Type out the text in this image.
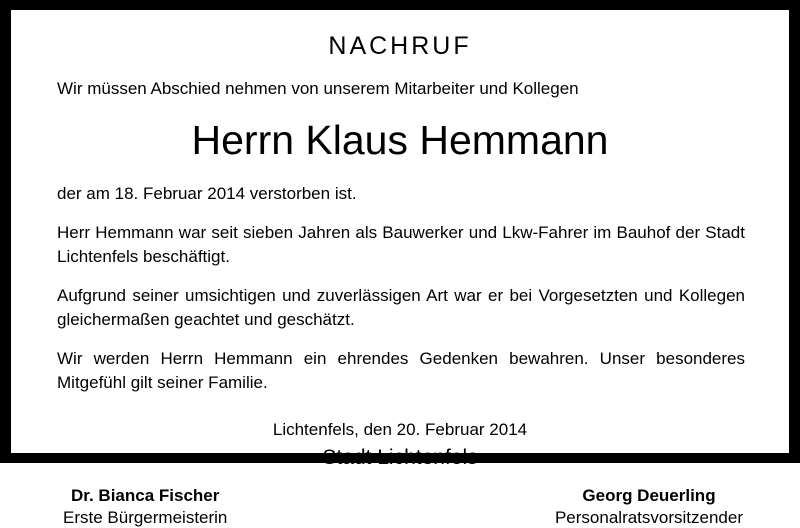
NACHRUF
Wir müssen Abschied nehmen von unserem Mitarbeiter und Kollegen
Herrn Klaus Hemmann
der am 18. Februar 2014 verstorben ist.
Herr Hemmann war seit sieben Jahren als Bauwerker und Lkw-Fahrer im Bauhof der Stadt Lichtenfels beschäftigt.
Aufgrund seiner umsichtigen und zuverlässigen Art war er bei Vorgesetzten und Kollegen gleichermaßen geachtet und geschätzt.
Wir werden Herrn Hemmann ein ehrendes Gedenken bewahren. Unser besonderes Mitgefühl gilt seiner Familie.
Lichtenfels, den 20. Februar 2014
Stadt Lichtenfels
Dr. Bianca Fischer
Erste Bürgermeisterin
Georg Deuerling
Personalratsvorsitzender
